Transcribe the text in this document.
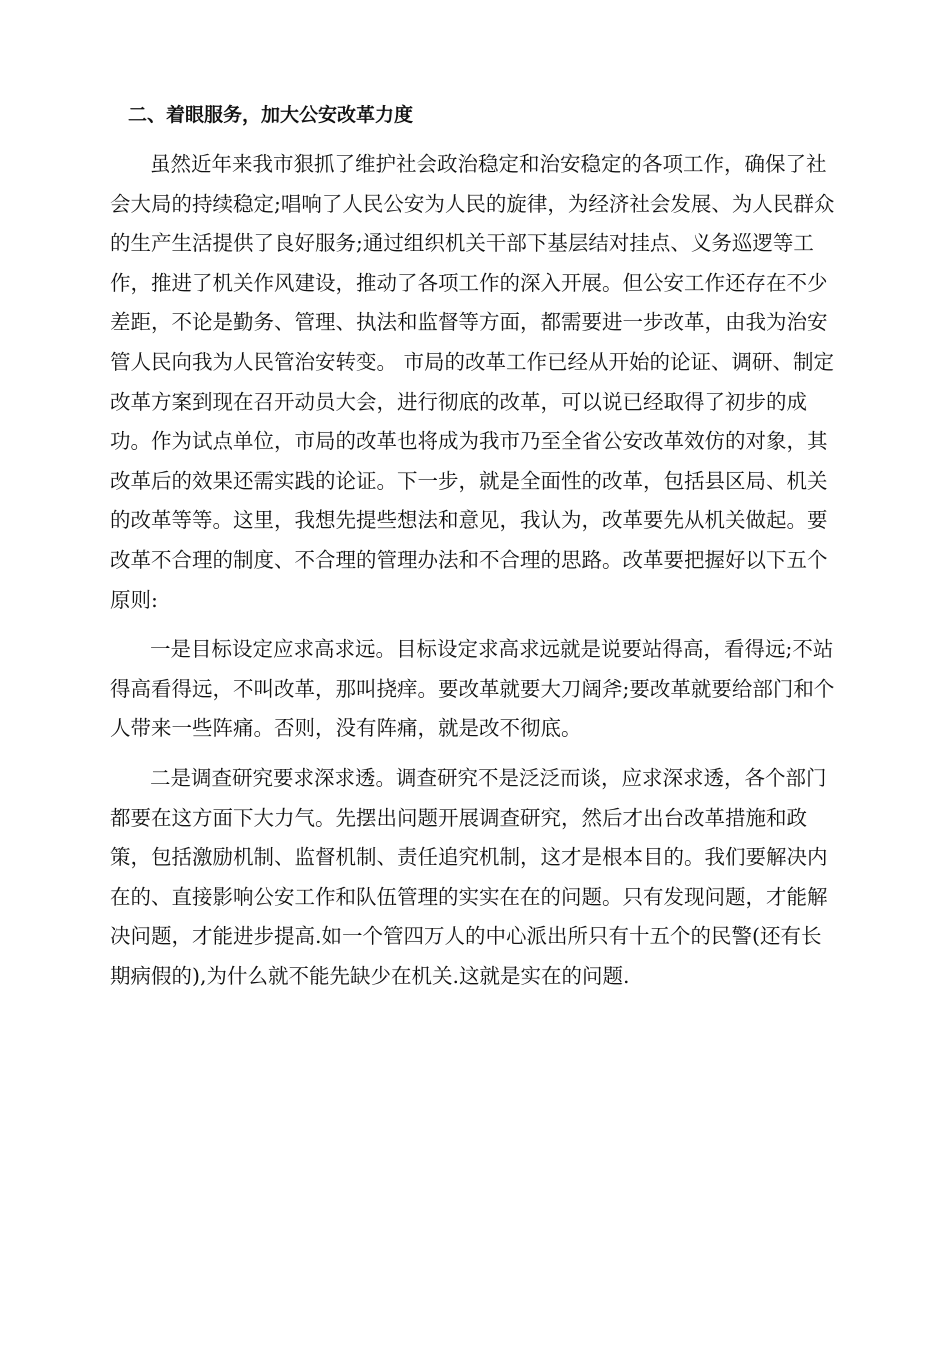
二、着眼服务，加大公安改革力度
虽然近年来我市狠抓了维护社会政治稳定和治安稳定的各项工作，确保了社
会大局的持续稳定;唱响了人民公安为人民的旋律，为经济社会发展、为人民群众
的生产生活提供了良好服务;通过组织机关干部下基层结对挂点、义务巡逻等工
作，推进了机关作风建设，推动了各项工作的深入开展。但公安工作还存在不少
差距，不论是勤务、管理、执法和监督等方面，都需要进一步改革，由我为治安
管人民向我为人民管治安转变。 市局的改革工作已经从开始的论证、调研、制定
改革方案到现在召开动员大会，进行彻底的改革，可以说已经取得了初步的成
功。作为试点单位，市局的改革也将成为我市乃至全省公安改革效仿的对象，其
改革后的效果还需实践的论证。下一步，就是全面性的改革，包括县区局、机关
的改革等等。这里，我想先提些想法和意见，我认为，改革要先从机关做起。要
改革不合理的制度、不合理的管理办法和不合理的思路。改革要把握好以下五个
原则:
一是目标设定应求高求远。目标设定求高求远就是说要站得高，看得远;不站
得高看得远，不叫改革，那叫挠痒。要改革就要大刀阔斧;要改革就要给部门和个
人带来一些阵痛。否则，没有阵痛，就是改不彻底。
二是调查研究要求深求透。调查研究不是泛泛而谈，应求深求透，各个部门
都要在这方面下大力气。先摆出问题开展调查研究，然后才出台改革措施和政
策，包括激励机制、监督机制、责任追究机制，这才是根本目的。我们要解决内
在的、直接影响公安工作和队伍管理的实实在在的问题。只有发现问题，才能解
决问题，才能进步提高.如一个管四万人的中心派出所只有十五个的民警(还有长
期病假的),为什么就不能先缺少在机关.这就是实在的问题.
